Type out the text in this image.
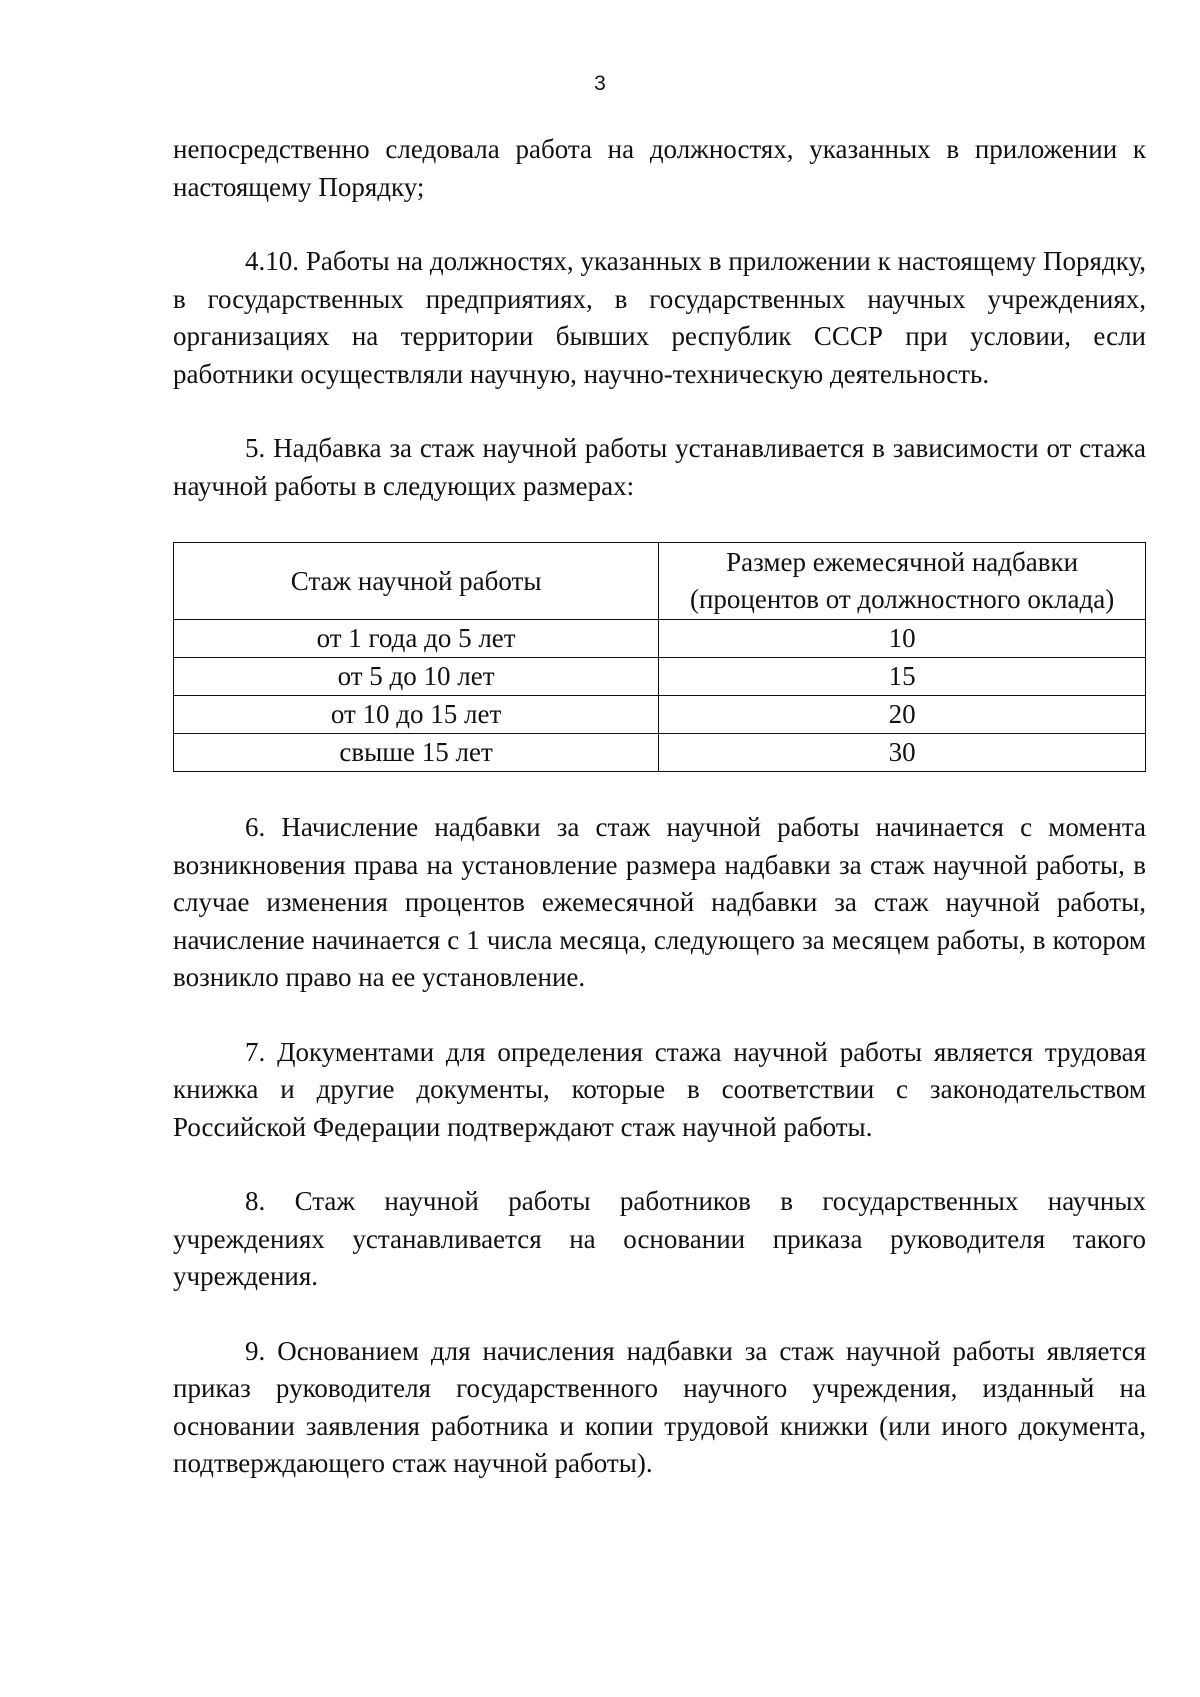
3

непосредственно следовала работа на должностях, указанных в приложении к настоящему Порядку;

4.10. Работы на должностях, указанных в приложении к настоящему Порядку, в государственных предприятиях, в государственных научных учреждениях, организациях на территории бывших республик СССР при условии, если работники осуществляли научную, научно-техническую деятельность.

5. Надбавка за стаж научной работы устанавливается в зависимости от стажа научной работы в следующих размерах:

Стаж научной работы	Размер ежемесячной надбавки (процентов от должностного оклада)
от 1 года до 5 лет	10
от 5 до 10 лет	15
от 10 до 15 лет	20
свыше 15 лет	30

6. Начисление надбавки за стаж научной работы начинается с момента возникновения права на установление размера надбавки за стаж научной работы, в случае изменения процентов ежемесячной надбавки за стаж научной работы, начисление начинается с 1 числа месяца, следующего за месяцем работы, в котором возникло право на ее установление.

7. Документами для определения стажа научной работы является трудовая книжка и другие документы, которые в соответствии с законодательством Российской Федерации подтверждают стаж научной работы.

8. Стаж научной работы работников в государственных научных учреждениях устанавливается на основании приказа руководителя такого учреждения.

9. Основанием для начисления надбавки за стаж научной работы является приказ руководителя государственного научного учреждения, изданный на основании заявления работника и копии трудовой книжки (или иного документа, подтверждающего стаж научной работы).
